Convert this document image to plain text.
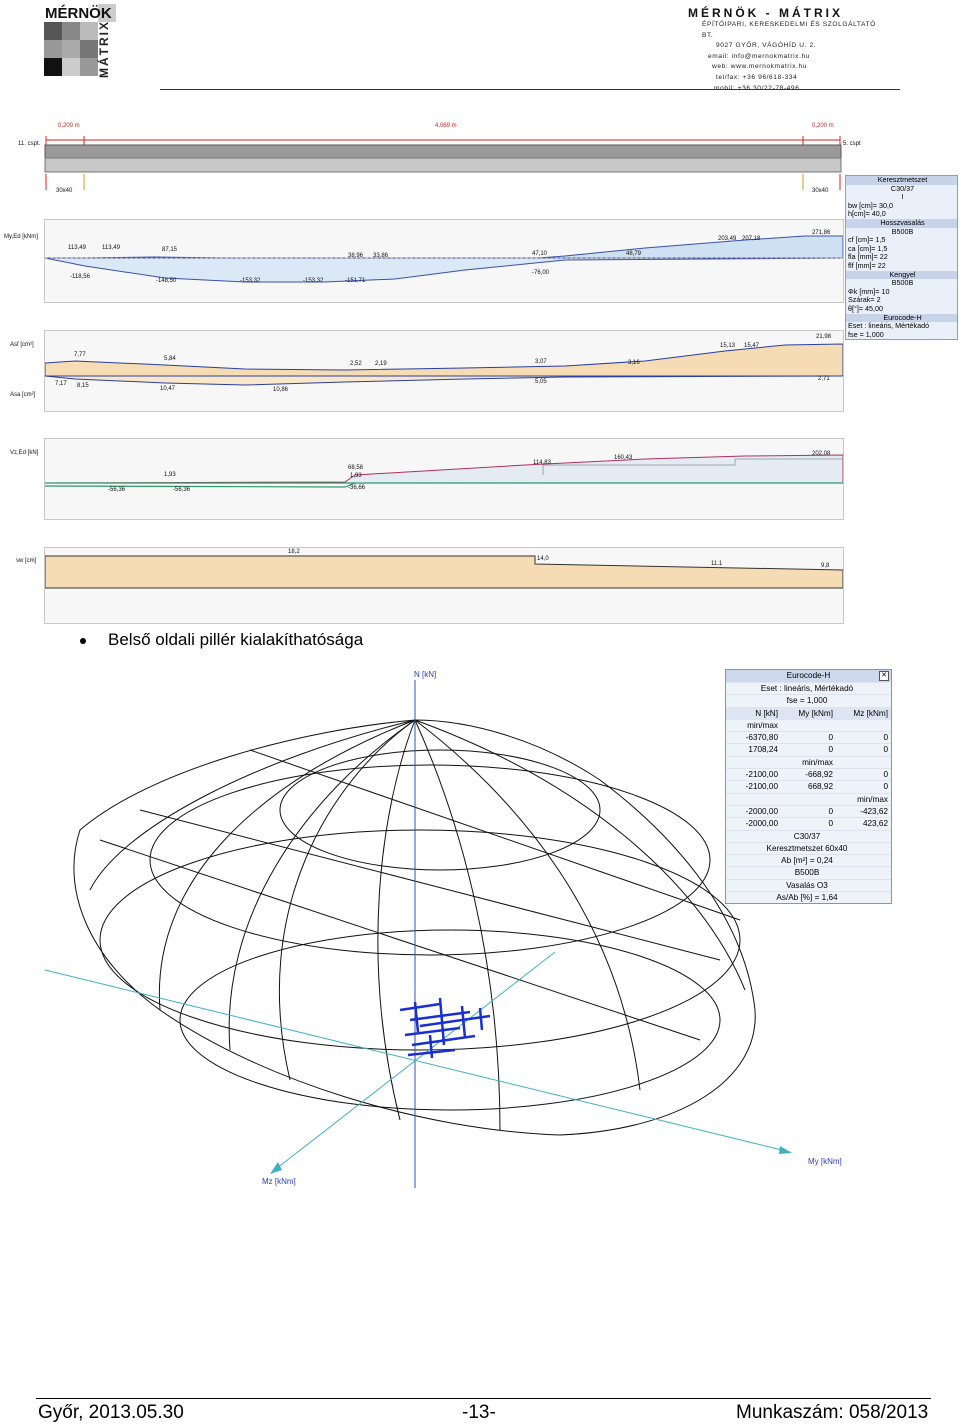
MÉRNÖK
MÁTRIX
MÉRNÖK - MÁTRIX
ÉPÍTŐIPARI, KERESKEDELMI ÉS SZOLGÁLTATÓ BT.
9027 GYŐR, VÁGÓHÍD U. 2.
email: info@mernokmatrix.hu
web: www.mernokmatrix.hu
tel/fax: +36 96/618-334
0,200 m	4,069 m	0,200 m
11. cspt.	5. cspt
30x40	30x40
My,Ed [kNm]
113,49	113,49	87,15
38,96 33,86	47,10	48,79
203,49 207,18
271,86
-118,56
-148,50	-153,32	-153,32	-151,71
-76,00
Keresztmetszet
C30/37
I
bw [cm]= 30,0
h[cm]= 40,0
Hosszvasalás
B500B
cf [cm]= 1,5
ca [cm]= 1,5
fla [mm]= 22
flf [mm]= 22
Kengyel
B500B
Φk [mm]= 10
Szárak= 2
θ[°]= 45,00
Eurocode-H
Eset : lineáris, Mértékadó
fse = 1,000
Asf [cm²]
Asa [cm²]
7,77
5,84
2,52 2,19	3,07	3,16
15,13 15,47
21,98
7,17 8,15	10,47	10,86
5,05	2,71
Vz,Ed [kN]
1,93
68,58
1,93
114,83
160,43
202,08
-56,36	-56,36	-36,66
sw [cm]
18,2
14,0
11,1	9,8
Belső oldali pillér kialakíthatósága
N [kN]
My [kNm]
Mz [kNm]
Eurocode-H	✕
Eset : lineáris, Mértékadó
fse = 1,000
N [kN]	My [kNm]	Mz [kNm]
min/max
-6370,80	0	0
1708,24	0	0
min/max
-2100,00	-668,92	0
-2100,00	668,92	0
min/max
-2000,00	0	-423,62
-2000,00	0	423,62
C30/37
Keresztmetszet 60x40
Ab [m²] = 0,24
B500B
Vasalás O3
As/Ab [%] = 1,64
Győr, 2013.05.30	-13-	Munkaszám: 058/2013
